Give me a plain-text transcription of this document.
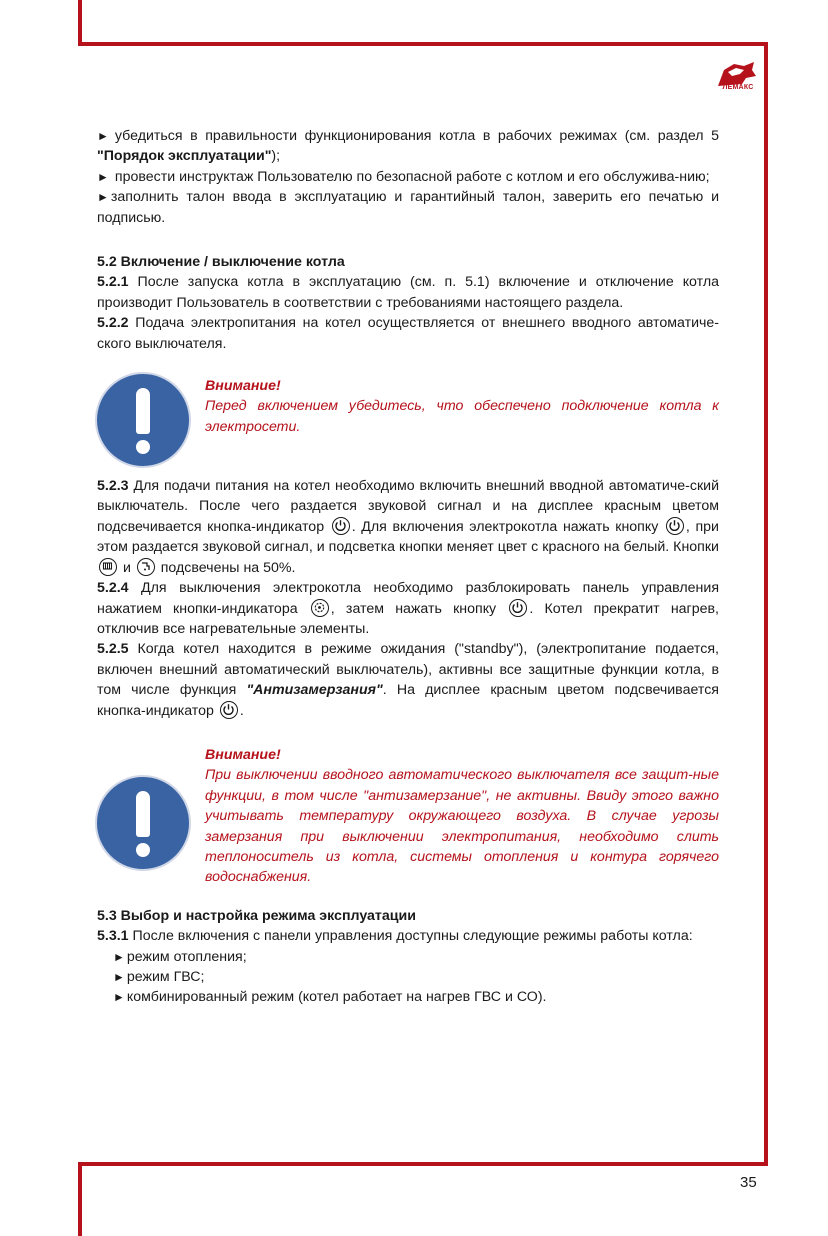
ЛЕМАКС

► убедиться в правильности функционирования котла в рабочих режимах (см. раздел 5 "Порядок эксплуатации");

► провести инструктаж Пользователю по безопасной работе с котлом и его обслужива-нию;

► заполнить талон ввода в эксплуатацию и гарантийный талон, заверить его печатью и подписью.

5.2 Включение / выключение котла

5.2.1 После запуска котла в эксплуатацию (см. п. 5.1) включение и отключение котла производит Пользователь в соответствии с требованиями настоящего раздела.

5.2.2 Подача электропитания на котел осуществляется от внешнего вводного автоматиче-ского выключателя.

Внимание!
Перед включением убедитесь, что обеспечено подключение котла к электросети.

5.2.3 Для подачи питания на котел необходимо включить внешний вводной автоматиче-ский выключатель. После чего раздается звуковой сигнал и на дисплее красным цветом подсвечивается кнопка-индикатор
. Для включения электрокотла нажать кнопку
, при этом раздается звуковой сигнал, и подсветка кнопки меняет цвет с красного на белый. Кнопки
и
подсвечены на 50%.

5.2.4 Для выключения электрокотла необходимо разблокировать панель управления нажатием кнопки-индикатора
, затем нажать кнопку
. Котел прекратит нагрев, отключив все нагревательные элементы.

5.2.5 Когда котел находится в режиме ожидания ("standby"), (электропитание подается, включен внешний автоматический выключатель), активны все защитные функции котла, в том числе функция "Антизамерзания". На дисплее красным цветом подсвечивается кнопка-индикатор
.

Внимание!
При выключении вводного автоматического выключателя все защит-ные функции, в том числе "антизамерзание", не активны. Ввиду этого важно учитывать температуру окружающего воздуха. В случае угрозы замерзания при выключении электропитания, необходимо слить теплоноситель из котла, системы отопления и контура горячего водоснабжения.

5.3 Выбор и настройка режима эксплуатации

5.3.1 После включения с панели управления доступны следующие режимы работы котла:

► режим отопления;

► режим ГВС;

► комбинированный режим (котел работает на нагрев ГВС и СО).

35
